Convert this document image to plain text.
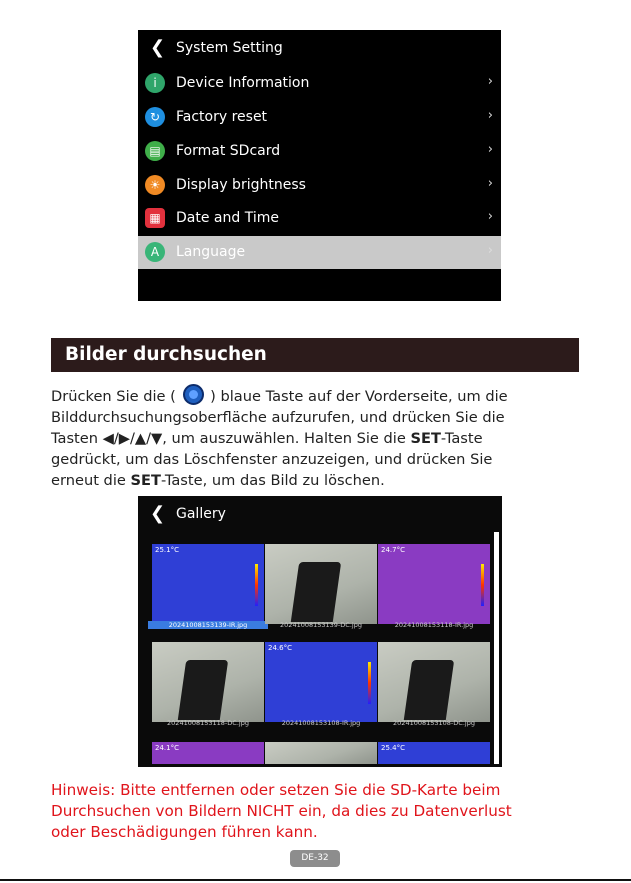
❮ System Setting
i	Device Information	›
↻	Factory reset	›
▤	Format SDcard	›
☀	Display brightness	›
▦	Date and Time	›
A	Language	›
Bilder durchsuchen
Drücken Sie die ( ) blaue Taste auf der Vorderseite, um die
Bilddurchsuchungsoberfläche aufzurufen, und drücken Sie die
Tasten ◀/▶/▲/▼, um auszuwählen. Halten Sie die SET-Taste
gedrückt, um das Löschfenster anzuzeigen, und drücken Sie
erneut die SET-Taste, um das Bild zu löschen.
❮ Gallery
25.1°C
20241008153139-IR.jpg	20241008153139-DC.jpg
24.7°C
20241008153118-IR.jpg
20241008153118-DC.jpg
24.6°C
20241008153108-IR.jpg	20241008153108-DC.jpg
24.1°C	25.4°C
Hinweis: Bitte entfernen oder setzen Sie die SD-Karte beim
Durchsuchen von Bildern NICHT ein, da dies zu Datenverlust
oder Beschädigungen führen kann.
DE-32
